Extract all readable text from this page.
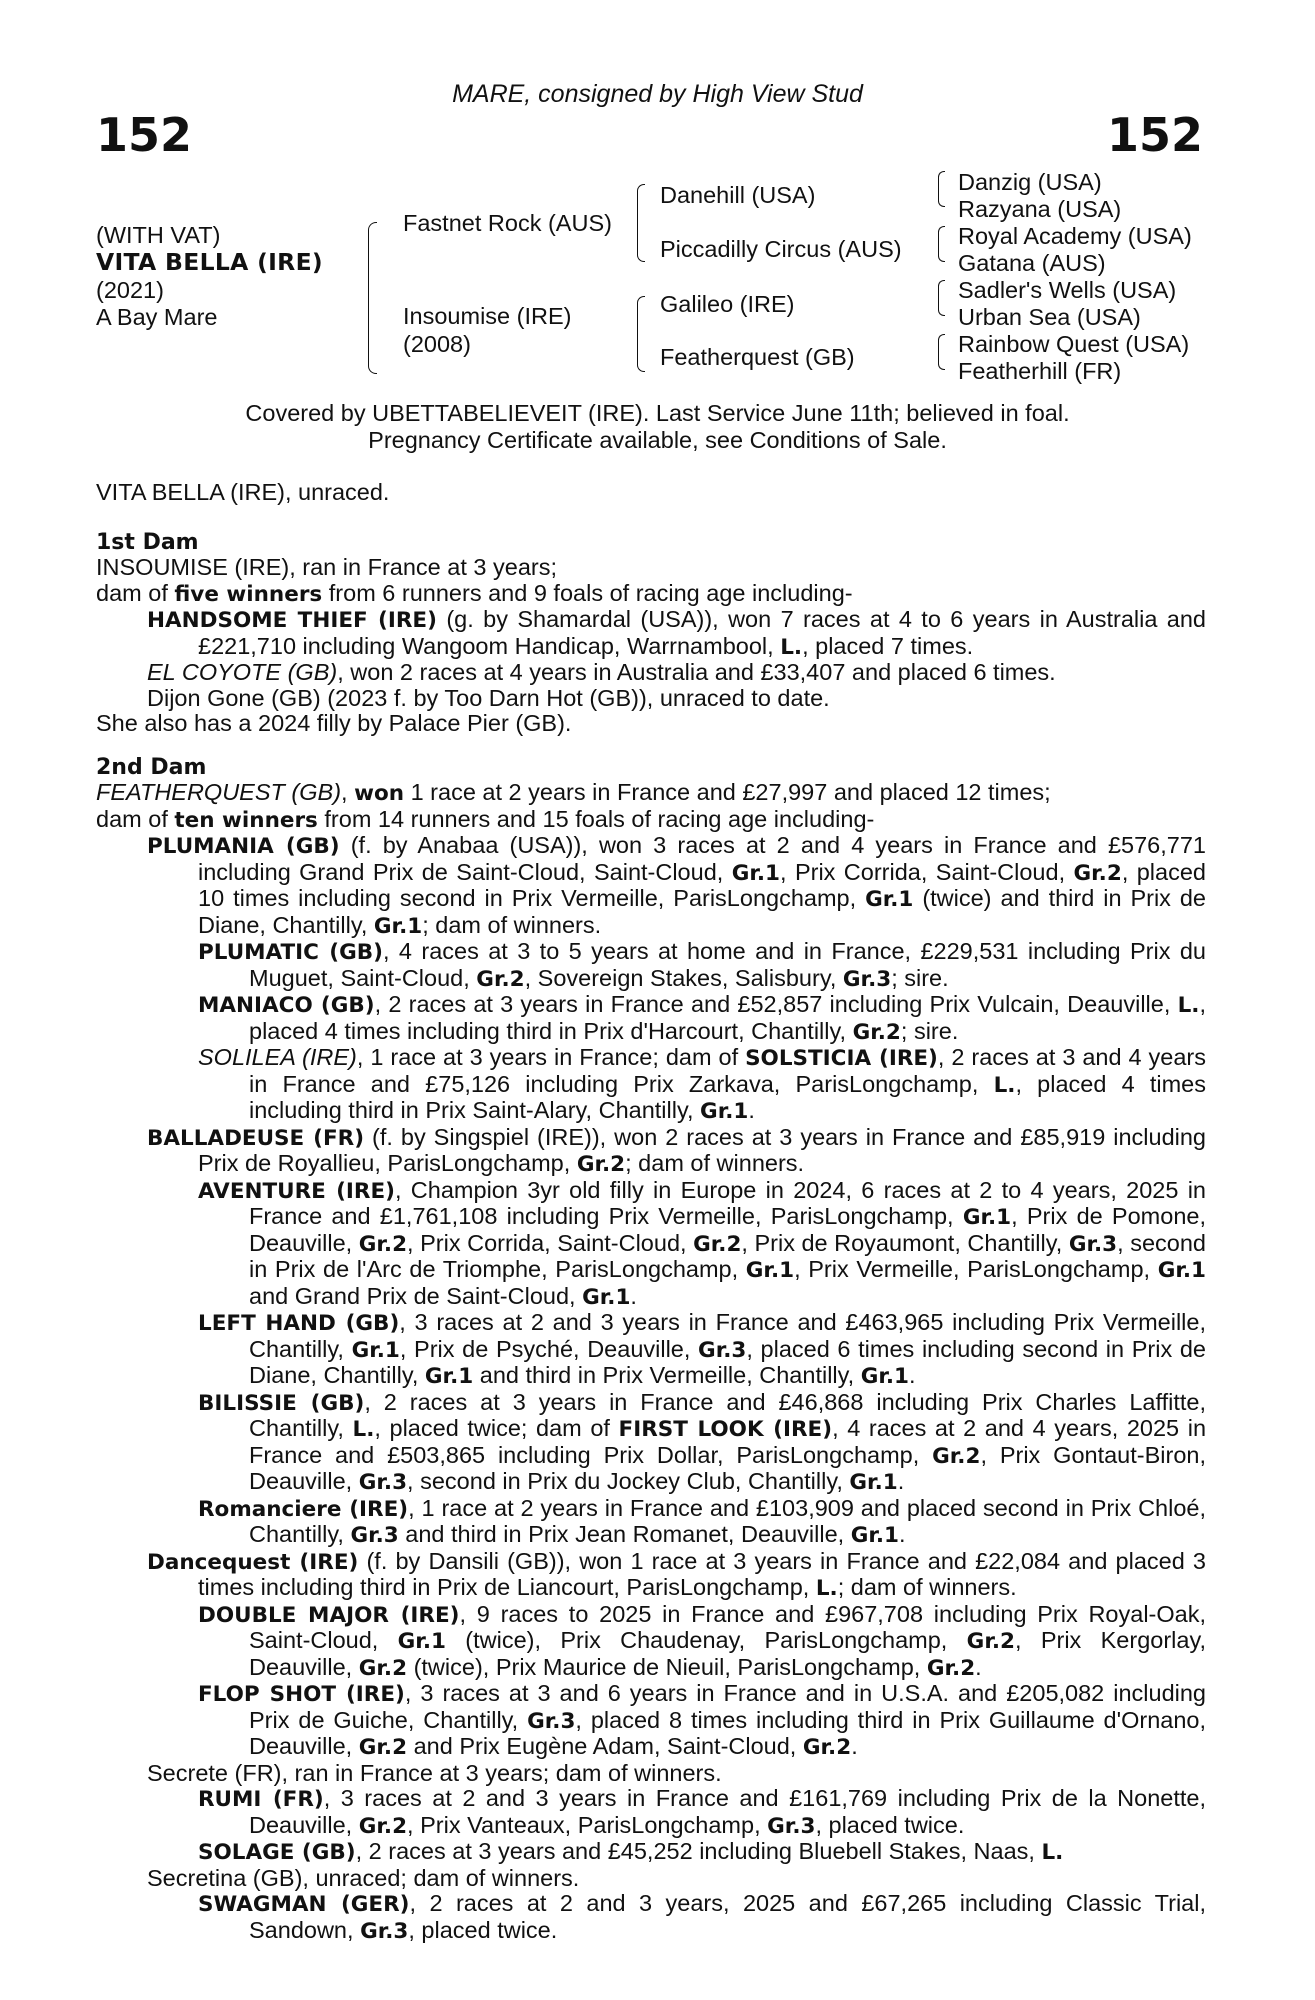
MARE, consigned by High View Stud
152	152
(WITH VAT)
VITA BELLA (IRE)
(2021)
A Bay Mare
Fastnet Rock (AUS)
Insoumise (IRE)
(2008)
Danehill (USA)
Piccadilly Circus (AUS)
Galileo (IRE)
Featherquest (GB)
Danzig (USA)
Razyana (USA)
Royal Academy (USA)
Gatana (AUS)
Sadler's Wells (USA)
Urban Sea (USA)
Rainbow Quest (USA)
Featherhill (FR)
Covered by UBETTABELIEVEIT (IRE). Last Service June 11th; believed in foal.
Pregnancy Certificate available, see Conditions of Sale.

VITA BELLA (IRE), unraced.

1st Dam

INSOUMISE (IRE), ran in France at 3 years;

dam of five winners from 6 runners and 9 foals of racing age including-

HANDSOME THIEF (IRE) (g. by Shamardal (USA)), won 7 races at 4 to 6 years in Australia and £221,710 including Wangoom Handicap, Warrnambool, L., placed 7 times.

EL COYOTE (GB), won 2 races at 4 years in Australia and £33,407 and placed 6 times.

Dijon Gone (GB) (2023 f. by Too Darn Hot (GB)), unraced to date.

She also has a 2024 filly by Palace Pier (GB).

2nd Dam

FEATHERQUEST (GB), won 1 race at 2 years in France and £27,997 and placed 12 times;

dam of ten winners from 14 runners and 15 foals of racing age including-

PLUMANIA (GB) (f. by Anabaa (USA)), won 3 races at 2 and 4 years in France and £576,771 including Grand Prix de Saint-Cloud, Saint-Cloud, Gr.1, Prix Corrida, Saint-Cloud, Gr.2, placed 10 times including second in Prix Vermeille, ParisLongchamp, Gr.1 (twice) and third in Prix de Diane, Chantilly, Gr.1; dam of winners.

PLUMATIC (GB), 4 races at 3 to 5 years at home and in France, £229,531 including Prix du Muguet, Saint-Cloud, Gr.2, Sovereign Stakes, Salisbury, Gr.3; sire.

MANIACO (GB), 2 races at 3 years in France and £52,857 including Prix Vulcain, Deauville, L., placed 4 times including third in Prix d'Harcourt, Chantilly, Gr.2; sire.

SOLILEA (IRE), 1 race at 3 years in France; dam of SOLSTICIA (IRE), 2 races at 3 and 4 years in France and £75,126 including Prix Zarkava, ParisLongchamp, L., placed 4 times including third in Prix Saint-Alary, Chantilly, Gr.1.

BALLADEUSE (FR) (f. by Singspiel (IRE)), won 2 races at 3 years in France and £85,919 including Prix de Royallieu, ParisLongchamp, Gr.2; dam of winners.

AVENTURE (IRE), Champion 3yr old filly in Europe in 2024, 6 races at 2 to 4 years, 2025 in France and £1,761,108 including Prix Vermeille, ParisLongchamp, Gr.1, Prix de Pomone, Deauville, Gr.2, Prix Corrida, Saint-Cloud, Gr.2, Prix de Royaumont, Chantilly, Gr.3, second in Prix de l'Arc de Triomphe, ParisLongchamp, Gr.1, Prix Vermeille, ParisLongchamp, Gr.1 and Grand Prix de Saint-Cloud, Gr.1.

LEFT HAND (GB), 3 races at 2 and 3 years in France and £463,965 including Prix Vermeille, Chantilly, Gr.1, Prix de Psyché, Deauville, Gr.3, placed 6 times including second in Prix de Diane, Chantilly, Gr.1 and third in Prix Vermeille, Chantilly, Gr.1.

BILISSIE (GB), 2 races at 3 years in France and £46,868 including Prix Charles Laffitte, Chantilly, L., placed twice; dam of FIRST LOOK (IRE), 4 races at 2 and 4 years, 2025 in France and £503,865 including Prix Dollar, ParisLongchamp, Gr.2, Prix Gontaut-Biron, Deauville, Gr.3, second in Prix du Jockey Club, Chantilly, Gr.1.

Romanciere (IRE), 1 race at 2 years in France and £103,909 and placed second in Prix Chloé, Chantilly, Gr.3 and third in Prix Jean Romanet, Deauville, Gr.1.

Dancequest (IRE) (f. by Dansili (GB)), won 1 race at 3 years in France and £22,084 and placed 3 times including third in Prix de Liancourt, ParisLongchamp, L.; dam of winners.

DOUBLE MAJOR (IRE), 9 races to 2025 in France and £967,708 including Prix Royal-Oak, Saint-Cloud, Gr.1 (twice), Prix Chaudenay, ParisLongchamp, Gr.2, Prix Kergorlay, Deauville, Gr.2 (twice), Prix Maurice de Nieuil, ParisLongchamp, Gr.2.

FLOP SHOT (IRE), 3 races at 3 and 6 years in France and in U.S.A. and £205,082 including Prix de Guiche, Chantilly, Gr.3, placed 8 times including third in Prix Guillaume d'Ornano, Deauville, Gr.2 and Prix Eugène Adam, Saint-Cloud, Gr.2.

Secrete (FR), ran in France at 3 years; dam of winners.

RUMI (FR), 3 races at 2 and 3 years in France and £161,769 including Prix de la Nonette, Deauville, Gr.2, Prix Vanteaux, ParisLongchamp, Gr.3, placed twice.

SOLAGE (GB), 2 races at 3 years and £45,252 including Bluebell Stakes, Naas, L.

Secretina (GB), unraced; dam of winners.

SWAGMAN (GER), 2 races at 2 and 3 years, 2025 and £67,265 including Classic Trial, Sandown, Gr.3, placed twice.
